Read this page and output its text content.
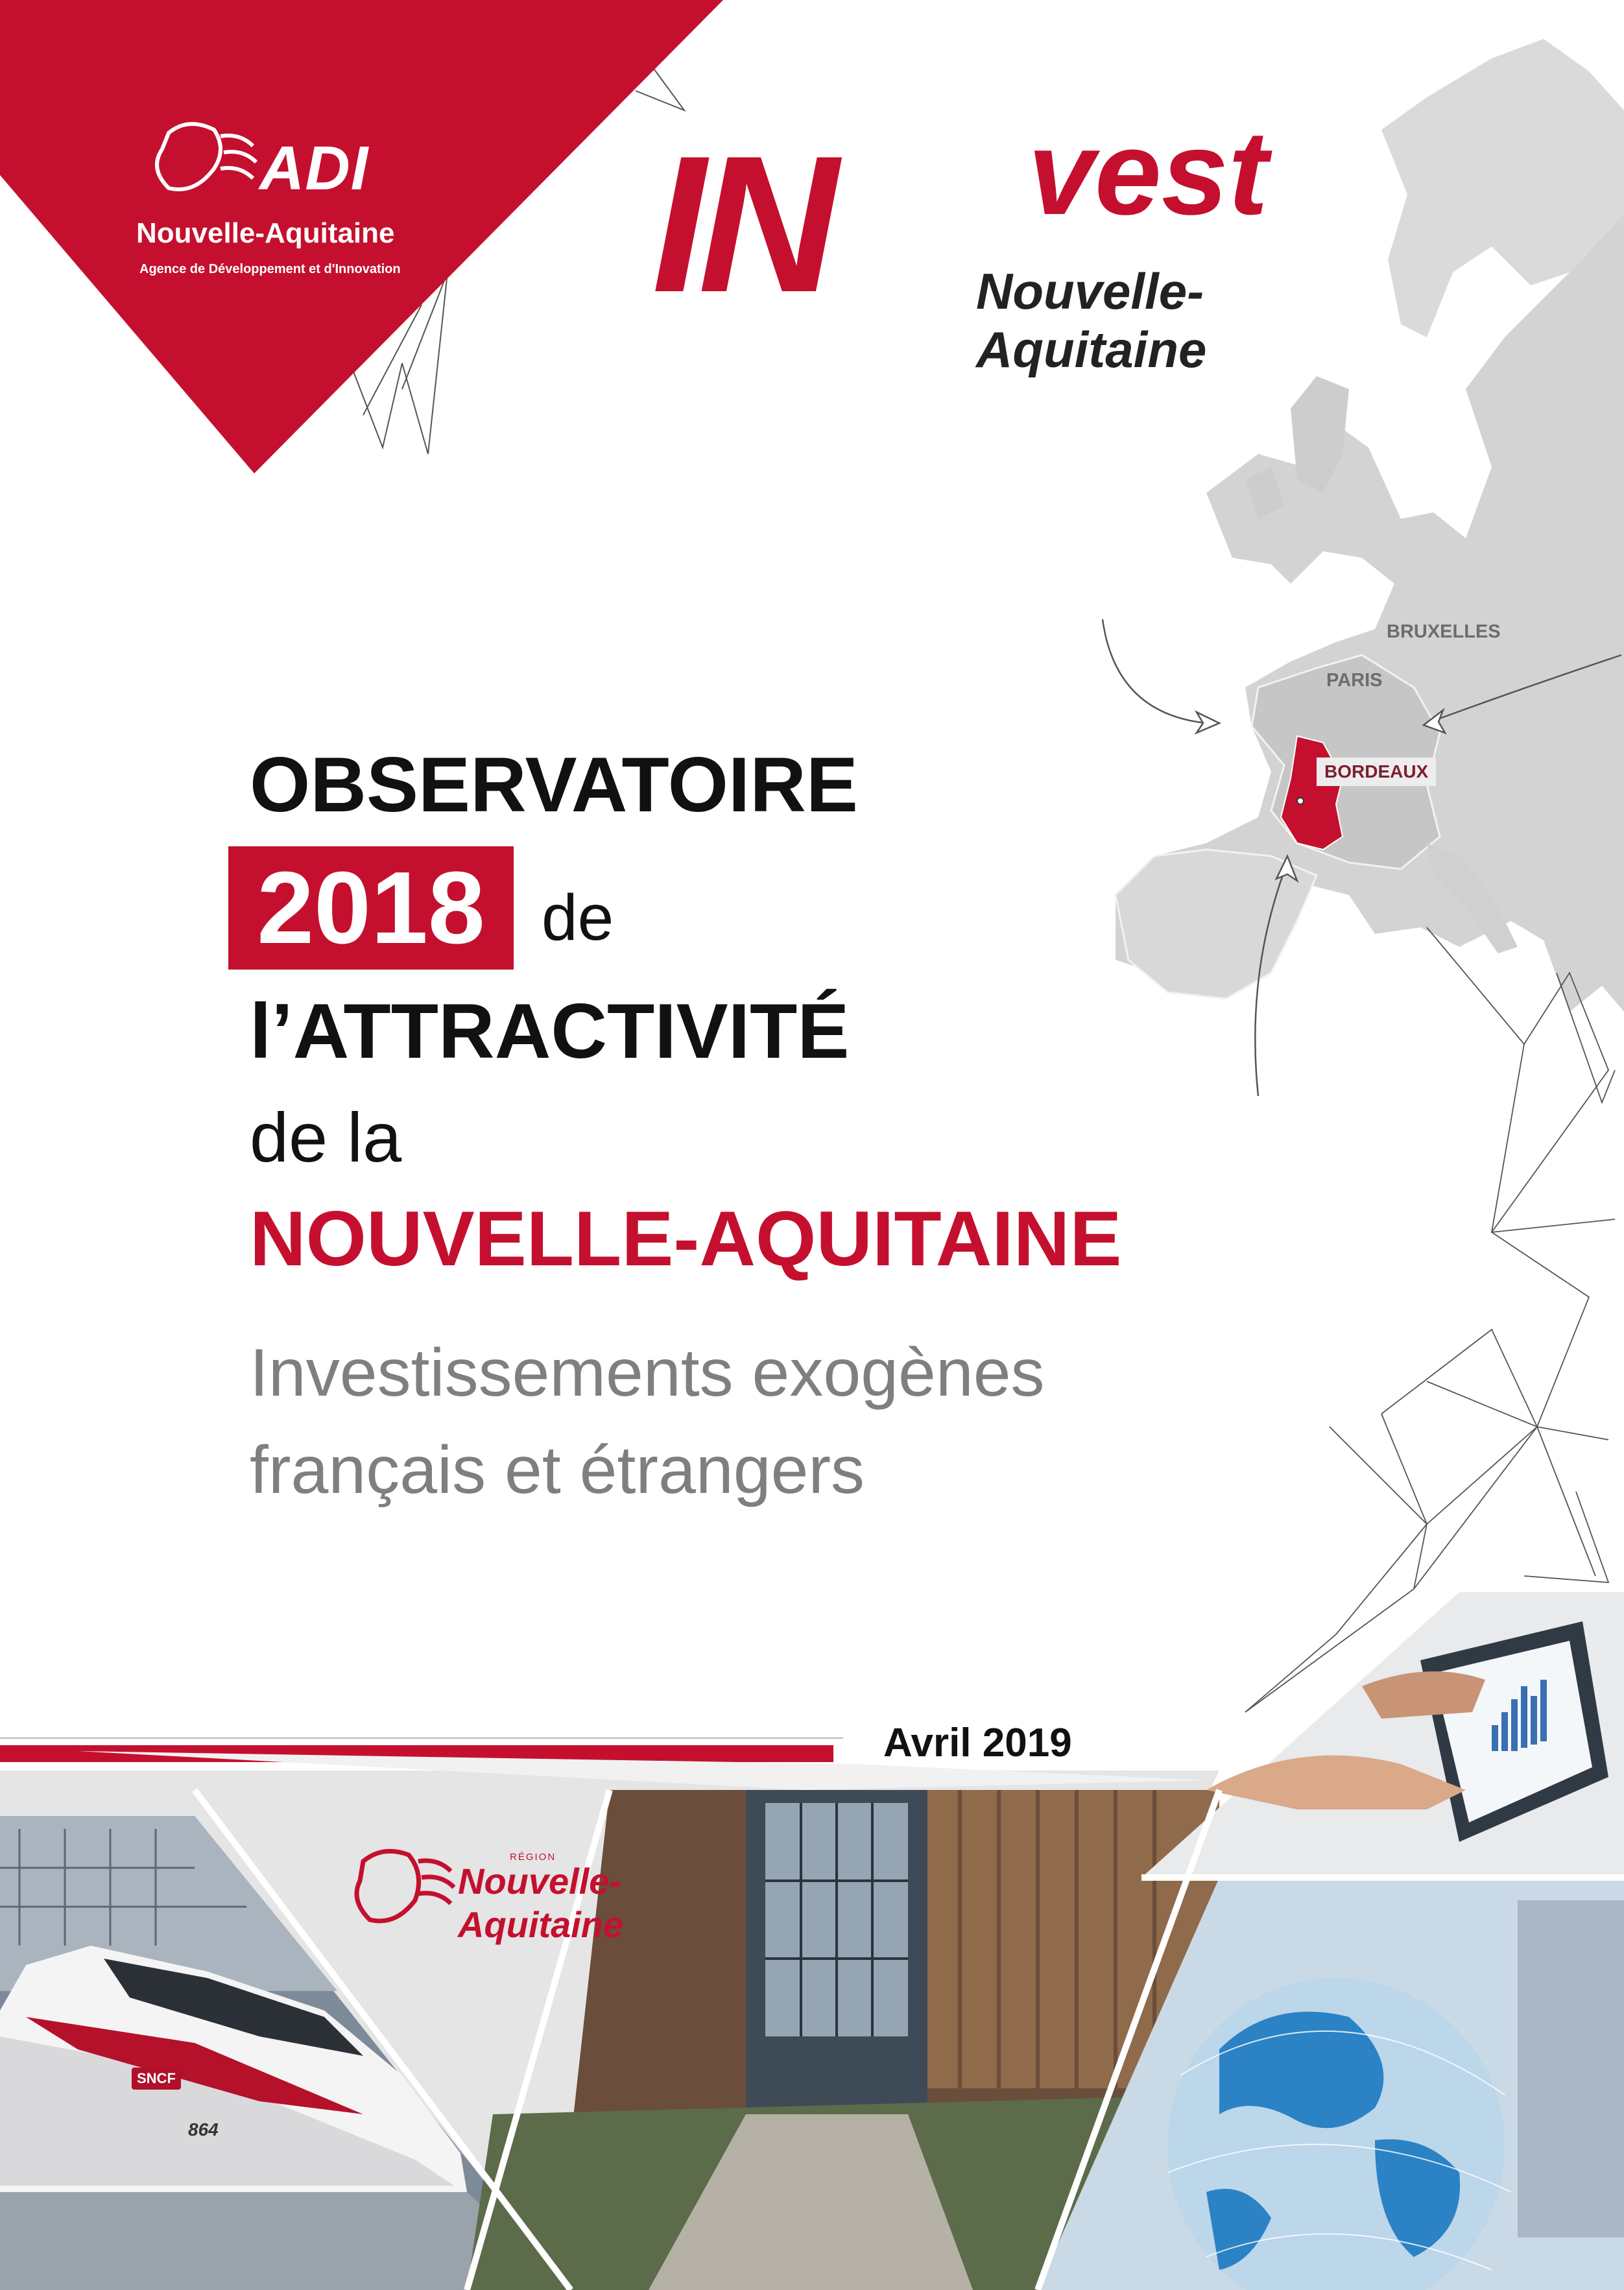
ADI
Nouvelle-Aquitaine
Agence de Développement et d'Innovation IN vest
Nouvelle-
Aquitaine
BRUXELLES
PARIS
BORDEAUX
OBSERVATOIRE
2018 de
l’ATTRACTIVITÉ
de la
NOUVELLE-AQUITAINE
Investissements exogènes
français et étrangers
Avril 2019
RÉGION
Nouvelle-
Aquitaine
SNCF
864
